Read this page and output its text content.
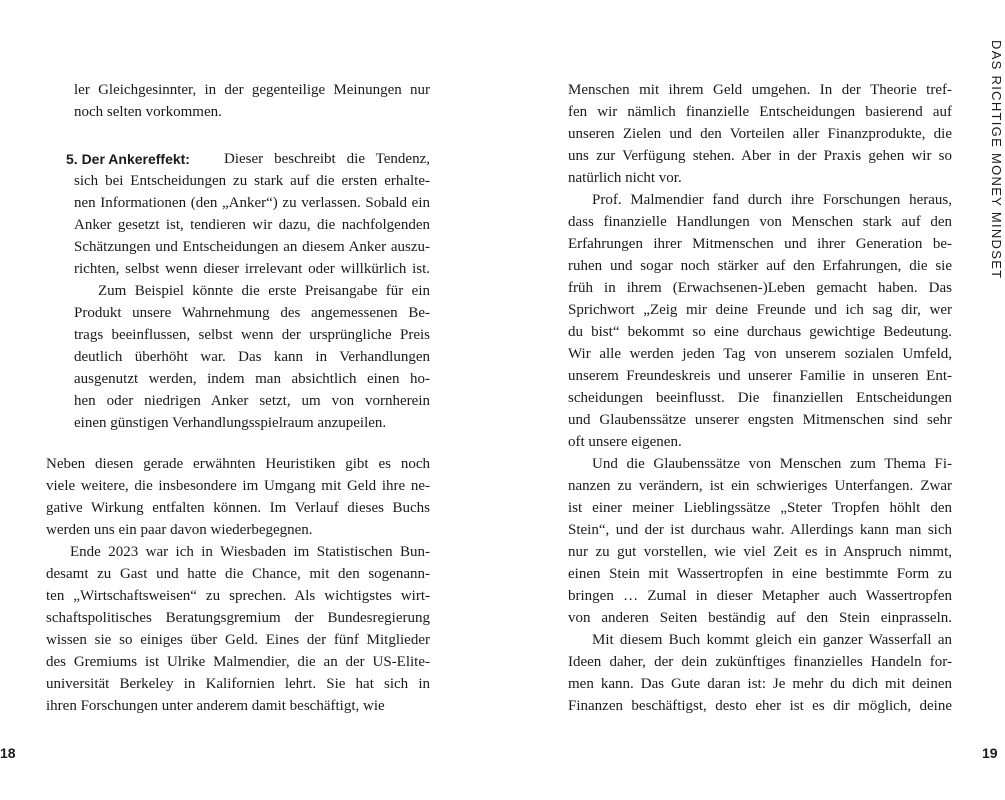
ler Gleichgesinnter, in der gegenteilige Meinungen nur
noch selten vorkommen.
5. Der Ankereffekt:	Dieser beschreibt die Tendenz,
sich bei Entscheidungen zu stark auf die ersten erhalte-
nen Informationen (den „Anker“) zu verlassen. Sobald ein
Anker gesetzt ist, tendieren wir dazu, die nachfolgenden
Schätzungen und Entscheidungen an diesem Anker auszu-
richten, selbst wenn dieser irrelevant oder willkürlich ist.
Zum Beispiel könnte die erste Preisangabe für ein
Produkt unsere Wahrnehmung des angemessenen Be-
trags beeinflussen, selbst wenn der ursprüngliche Preis
deutlich überhöht war. Das kann in Verhandlungen
ausgenutzt werden, indem man absichtlich einen ho-
hen oder niedrigen Anker setzt, um von vornherein
einen günstigen Verhandlungsspielraum anzupeilen.
Neben diesen gerade erwähnten Heuristiken gibt es noch
viele weitere, die insbesondere im Umgang mit Geld ihre ne-
gative Wirkung entfalten können. Im Verlauf dieses Buchs
werden uns ein paar davon wiederbegegnen.
Ende 2023 war ich in Wiesbaden im Statistischen Bun-
desamt zu Gast und hatte die Chance, mit den sogenann-
ten „Wirtschaftsweisen“ zu sprechen. Als wichtigstes wirt-
schaftspolitisches Beratungsgremium der Bundesregierung
wissen sie so einiges über Geld. Eines der fünf Mitglieder
des Gremiums ist Ulrike Malmendier, die an der US-Elite-
universität Berkeley in Kalifornien lehrt. Sie hat sich in
ihren Forschungen unter anderem damit beschäftigt, wie
18
Menschen mit ihrem Geld umgehen. In der Theorie tref-
fen wir nämlich finanzielle Entscheidungen basierend auf
unseren Zielen und den Vorteilen aller Finanzprodukte, die
uns zur Verfügung stehen. Aber in der Praxis gehen wir so
natürlich nicht vor.
Prof. Malmendier fand durch ihre Forschungen heraus,
dass finanzielle Handlungen von Menschen stark auf den
Erfahrungen ihrer Mitmenschen und ihrer Generation be-
ruhen und sogar noch stärker auf den Erfahrungen, die sie
früh in ihrem (Erwachsenen-)Leben gemacht haben. Das
Sprichwort „Zeig mir deine Freunde und ich sag dir, wer
du bist“ bekommt so eine durchaus gewichtige Bedeutung.
Wir alle werden jeden Tag von unserem sozialen Umfeld,
unserem Freundeskreis und unserer Familie in unseren Ent-
scheidungen beeinflusst. Die finanziellen Entscheidungen
und Glaubenssätze unserer engsten Mitmenschen sind sehr
oft unsere eigenen.
Und die Glaubenssätze von Menschen zum Thema Fi-
nanzen zu verändern, ist ein schwieriges Unterfangen. Zwar
ist einer meiner Lieblingssätze „Steter Tropfen höhlt den
Stein“, und der ist durchaus wahr. Allerdings kann man sich
nur zu gut vorstellen, wie viel Zeit es in Anspruch nimmt,
einen Stein mit Wassertropfen in eine bestimmte Form zu
bringen … Zumal in dieser Metapher auch Wassertropfen
von anderen Seiten beständig auf den Stein einprasseln.
Mit diesem Buch kommt gleich ein ganzer Wasserfall an
Ideen daher, der dein zukünftiges finanzielles Handeln for-
men kann. Das Gute daran ist: Je mehr du dich mit deinen
Finanzen beschäftigst, desto eher ist es dir möglich, deine
19
DAS RICHTIGE MONEY MINDSET
